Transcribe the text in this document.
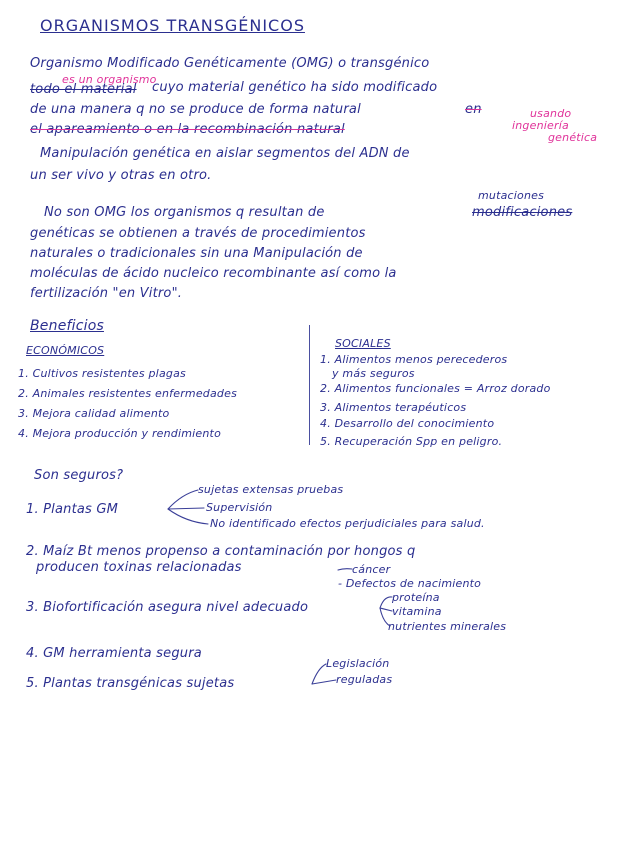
ORGANISMOS TRANSGÉNICOS
Organismo Modificado Genéticamente (OMG) o transgénico
es un organismo
todo el material cuyo material genético ha sido modificado
de una manera q no se produce de forma natural	en
el apareamiento o en la recombinación natural
usando
ingeniería
genética
Manipulación genética en aislar segmentos del ADN de
un ser vivo y otras en otro.
mutaciones
No son OMG los organismos q resultan de	modificaciones
genéticas se obtienen a través de procedimientos
naturales o tradicionales sin una Manipulación de
moléculas de ácido nucleico recombinante así como la
fertilización "en Vitro".
Beneficios
ECONÓMICOS
1. Cultivos resistentes plagas
2. Animales resistentes enfermedades
3. Mejora calidad alimento
4. Mejora producción y rendimiento
SOCIALES
1. Alimentos menos perecederos
y más seguros
2. Alimentos funcionales = Arroz dorado
3. Alimentos terapéuticos
4. Desarrollo del conocimiento
5. Recuperación Spp en peligro.
Son seguros?
1. Plantas GM
sujetas extensas pruebas
Supervisión
No identificado efectos perjudiciales para salud.
2. Maíz Bt menos propenso a contaminación por hongos q
producen toxinas relacionadas	cáncer
- Defectos de nacimiento
3. Biofortificación asegura nivel adecuado
proteína
vitamina
nutrientes minerales
4. GM herramienta segura
5. Plantas transgénicas sujetas
Legislación
reguladas
